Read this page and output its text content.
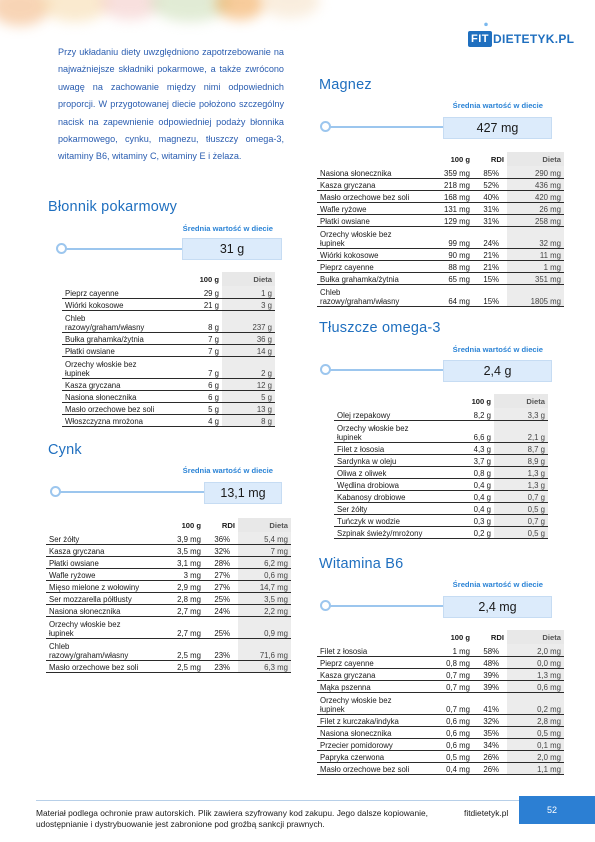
FIT DIETETYK.PL

Przy układaniu diety uwzględniono zapotrzebowanie na najważniejsze składniki pokarmowe, a także zwrócono uwagę na zachowanie między nimi odpowiednich proporcji. W przygotowanej diecie położono szczególny nacisk na zapewnienie odpowiedniej podaży błonnika pokarmowego, cynku, magnezu, tłuszczy omega-3, witaminy B6, witaminy C, witaminy E i żelaza.

Błonnik pokarmowy
Średnia wartość w diecie
31 g
	100 g	Dieta
Pieprz cayenne	29 g	1 g
Wiórki kokosowe	21 g	3 g
Chleb
razowy/graham/własny	8 g	237 g
Bułka grahamka/żytnia	7 g	36 g
Płatki owsiane	7 g	14 g
Orzechy włoskie bez
łupinek	7 g	2 g
Kasza gryczana	6 g	12 g
Nasiona słonecznika	6 g	5 g
Masło orzechowe bez soli	5 g	13 g
Włoszczyzna mrożona	4 g	8 g
Cynk
Średnia wartość w diecie
13,1 mg
	100 g	RDI	Dieta
Ser żółty	3,9 mg	36%	5,4 mg
Kasza gryczana	3,5 mg	32%	7 mg
Płatki owsiane	3,1 mg	28%	6,2 mg
Wafle ryżowe	3 mg	27%	0,6 mg
Mięso mielone z wołowiny	2,9 mg	27%	14,7 mg
Ser mozzarella półtłusty	2,8 mg	25%	3,5 mg
Nasiona słonecznika	2,7 mg	24%	2,2 mg
Orzechy włoskie bez
łupinek	2,7 mg	25%	0,9 mg
Chleb
razowy/graham/własny	2,5 mg	23%	71,6 mg
Masło orzechowe bez soli	2,5 mg	23%	6,3 mg
Magnez
Średnia wartość w diecie
427 mg
	100 g	RDI	Dieta
Nasiona słonecznika	359 mg	85%	290 mg
Kasza gryczana	218 mg	52%	436 mg
Masło orzechowe bez soli	168 mg	40%	420 mg
Wafle ryżowe	131 mg	31%	26 mg
Płatki owsiane	129 mg	31%	258 mg
Orzechy włoskie bez
łupinek	99 mg	24%	32 mg
Wiórki kokosowe	90 mg	21%	11 mg
Pieprz cayenne	88 mg	21%	1 mg
Bułka grahamka/żytnia	65 mg	15%	351 mg
Chleb
razowy/graham/własny	64 mg	15%	1805 mg
Tłuszcze omega-3
Średnia wartość w diecie
2,4 g
	100 g	Dieta
Olej rzepakowy	8,2 g	3,3 g
Orzechy włoskie bez
łupinek	6,6 g	2,1 g
Filet z łososia	4,3 g	8,7 g
Sardynka w oleju	3,7 g	8,9 g
Oliwa z oliwek	0,8 g	1,3 g
Wędlina drobiowa	0,4 g	1,3 g
Kabanosy drobiowe	0,4 g	0,7 g
Ser żółty	0,4 g	0,5 g
Tuńczyk w wodzie	0,3 g	0,7 g
Szpinak świeży/mrożony	0,2 g	0,5 g
Witamina B6
Średnia wartość w diecie
2,4 mg
	100 g	RDI	Dieta
Filet z łososia	1 mg	58%	2,0 mg
Pieprz cayenne	0,8 mg	48%	0,0 mg
Kasza gryczana	0,7 mg	39%	1,3 mg
Mąka pszenna	0,7 mg	39%	0,6 mg
Orzechy włoskie bez
łupinek	0,7 mg	41%	0,2 mg
Filet z kurczaka/indyka	0,6 mg	32%	2,8 mg
Nasiona słonecznika	0,6 mg	35%	0,5 mg
Przecier pomidorowy	0,6 mg	34%	0,1 mg
Papryka czerwona	0,5 mg	26%	2,0 mg
Masło orzechowe bez soli	0,4 mg	26%	1,1 mg
Materiał podlega ochronie praw autorskich. Plik zawiera szyfrowany kod zakupu. Jego dalsze kopiowanie, udostępnianie i dystrybuowanie jest zabronione pod groźbą sankcji prawnych.
fitdietetyk.pl	52
